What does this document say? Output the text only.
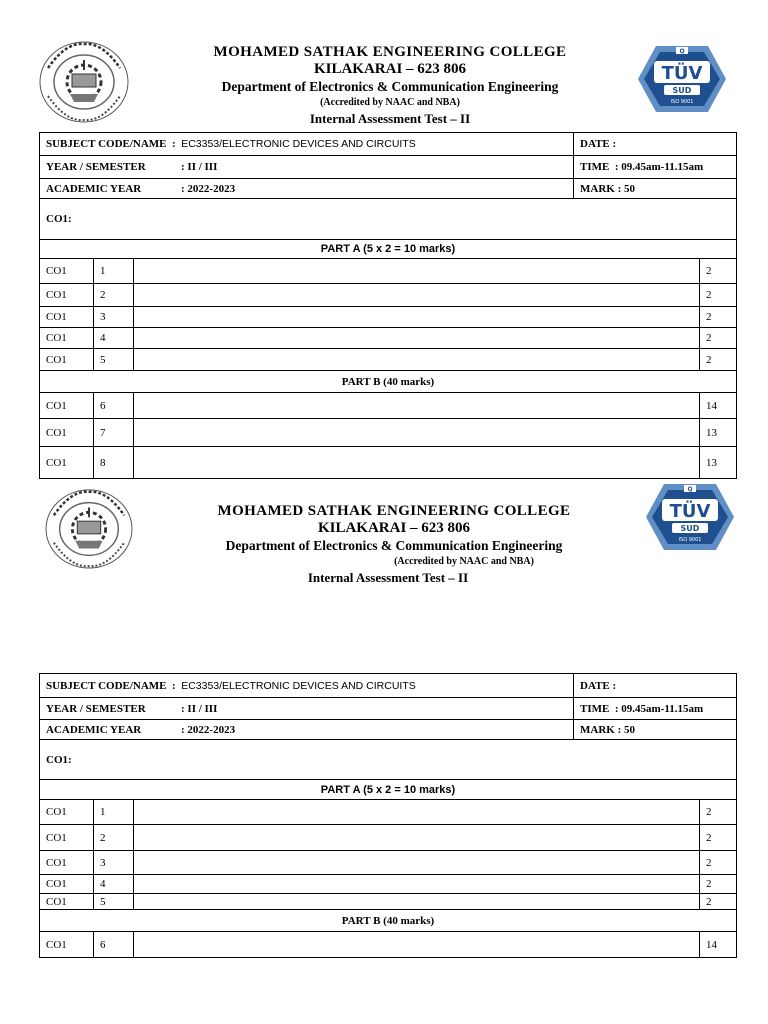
Q
TÜV
SUD
ISO 9001
MOHAMED SATHAK ENGINEERING COLLEGE
KILAKARAI – 623 806
Department of Electronics & Communication Engineering
(Accredited by NAAC and NBA)
Internal Assessment Test – II
SUBJECT CODE/NAME : EC3353/ELECTRONIC DEVICES AND CIRCUITS			DATE :	
YEAR / SEMESTER : II / III			TIME : 09.45am-11.15am	
ACADEMIC YEAR : 2022-2023			MARK : 50	
CO1:				
PART A (5 x 2 = 10 marks)				
CO1	1			2
CO1	2			2
CO1	3			2
CO1	4			2
CO1	5			2
PART B (40 marks)				
CO1	6			14
CO1	7			13
CO1	8			13
Q
TÜV
SUD
ISO 9001
MOHAMED SATHAK ENGINEERING COLLEGE
KILAKARAI – 623 806
Department of Electronics & Communication Engineering
(Accredited by NAAC and NBA)
Internal Assessment Test – II
SUBJECT CODE/NAME : EC3353/ELECTRONIC DEVICES AND CIRCUITS			DATE :	
YEAR / SEMESTER : II / III			TIME : 09.45am-11.15am	
ACADEMIC YEAR : 2022-2023			MARK : 50	
CO1:				
PART A (5 x 2 = 10 marks)				
CO1	1			2
CO1	2			2
CO1	3			2
CO1	4			2
CO1	5			2
PART B (40 marks)				
CO1	6			14
